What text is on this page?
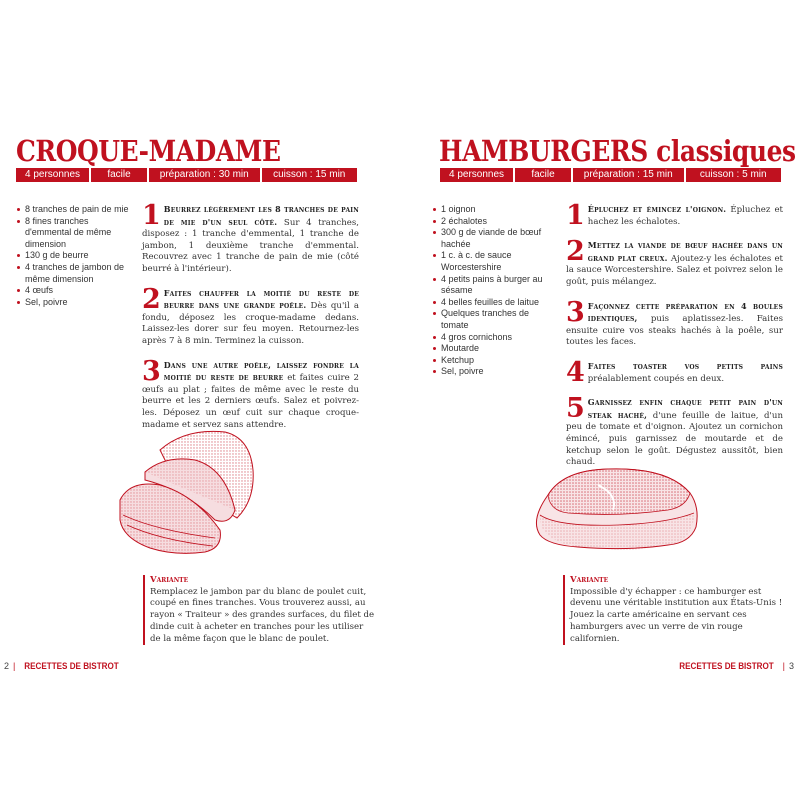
CROQUE-MADAME
4 personnes	facile	préparation : 30 min	cuisson : 15 min
8 tranches de pain de mie
8 fines tranches d'emmental de même dimension
130 g de beurre
4 tranches de jambon de même dimension
4 œufs
Sel, poivre
1 Beurrez légèrement les 8 tranches de pain de mie d'un seul côté. Sur 4 tranches, disposez : 1 tranche d'emmental, 1 tranche de jambon, 1 deuxième tranche d'emmental. Recouvrez avec 1 tranche de pain de mie (côté beurré à l'intérieur).
2 Faites chauffer la moitié du reste de beurre dans une grande poêle. Dès qu'il a fondu, déposez les croque-madame dedans. Laissez-les dorer sur feu moyen. Retournez-les après 7 à 8 min. Terminez la cuisson.
3 Dans une autre poêle, laissez fondre la moitié du reste de beurre et faites cuire 2 œufs au plat ; faites de même avec le reste du beurre et les 2 derniers œufs. Salez et poivrez-les. Déposez un œuf cuit sur chaque croque-madame et servez sans attendre.
Variante
Remplacez le jambon par du blanc de poulet cuit, coupé en fines tranches. Vous trouverez aussi, au rayon « Traiteur » des grandes surfaces, du filet de dinde cuit à acheter en tranches pour les utiliser de la même façon que le blanc de poulet.
2 | RECETTES DE BISTROT
HAMBURGERS classiques
4 personnes	facile	préparation : 15 min	cuisson : 5 min
1 oignon
2 échalotes
300 g de viande de bœuf hachée
1 c. à c. de sauce Worcestershire
4 petits pains à burger au sésame
4 belles feuilles de laitue
Quelques tranches de tomate
4 gros cornichons
Moutarde
Ketchup
Sel, poivre
1 Épluchez et émincez l'oignon. Épluchez et hachez les échalotes.
2 Mettez la viande de bœuf hachée dans un grand plat creux. Ajoutez-y les échalotes et la sauce Worcestershire. Salez et poivrez selon le goût, puis mélangez.
3 Façonnez cette préparation en 4 boules identiques, puis aplatissez-les. Faites ensuite cuire vos steaks hachés à la poêle, sur toutes les faces.
4 Faites toaster vos petits pains préalablement coupés en deux.
5 Garnissez enfin chaque petit pain d'un steak haché, d'une feuille de laitue, d'un peu de tomate et d'oignon. Ajoutez un cornichon émincé, puis garnissez de moutarde et de ketchup selon le goût. Dégustez aussitôt, bien chaud.
Variante
Impossible d'y échapper : ce hamburger est devenu une véritable institution aux États-Unis ! Jouez la carte américaine en servant ces hamburgers avec un verre de vin rouge californien.
RECETTES DE BISTROT | 3
